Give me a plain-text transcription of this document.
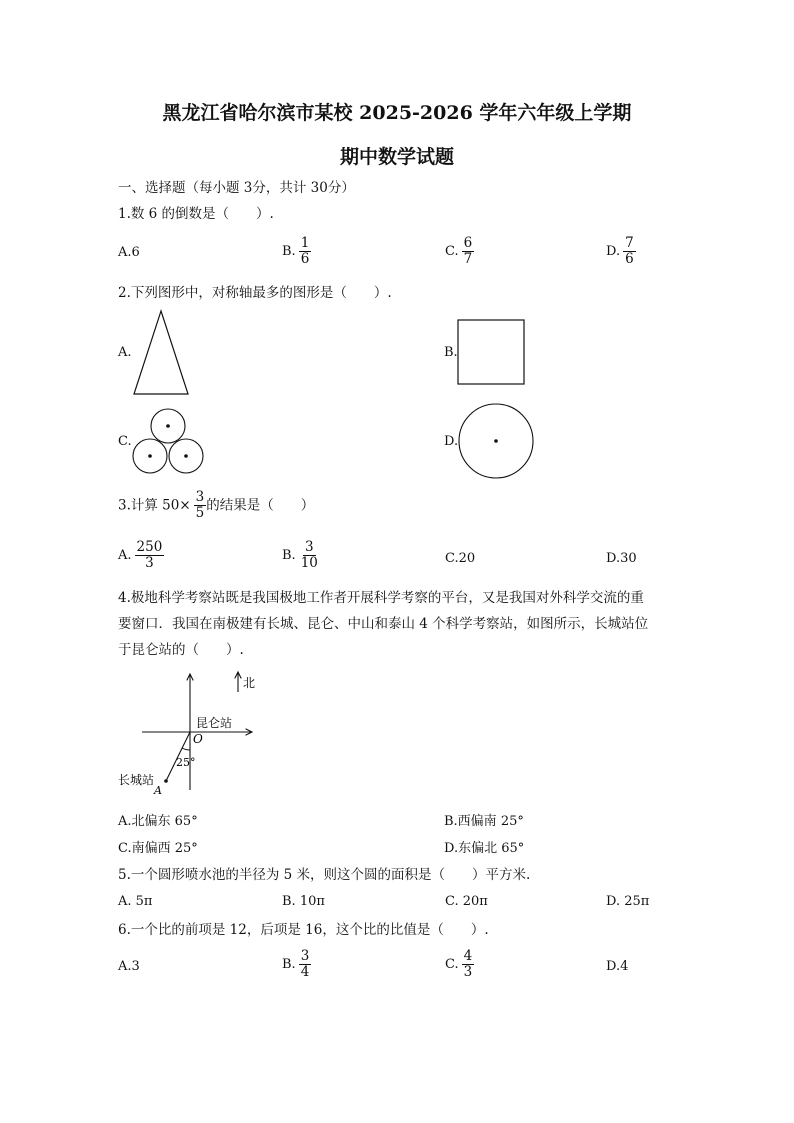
黑龙江省哈尔滨市某校 2025-2026 学年六年级上学期
期中数学试题
一、选择题（每小题 3分，共计 30分）
1.数 6 的倒数是（　　）.
A.6	B. $\frac{1}{6}$	C. $\frac{6}{7}$	D. $\frac{7}{6}$
2.下列图形中，对称轴最多的图形是（　　）.
A.	B.
C.	D.
3.计算 $50\times \frac{3}{5}$ 的结果是（　　）
A. $\frac{250}{3}$	B. $\frac{3}{10}$	C.20	D.30
4.极地科学考察站既是我国极地工作者开展科学考察的平台，又是我国对外科学交流的重
要窗口．我国在南极建有长城、昆仑、中山和泰山 4 个科学考察站，如图所示，长城站位
于昆仑站的（　　）.
北
昆仑站
O
25°
长城站
A
A.北偏东 65°	B.西偏南 25°
C.南偏西 25°	D.东偏北 65°
5.一个圆形喷水池的半径为 5 米，则这个圆的面积是（　　）平方米.
A. 5π	B. 10π	C. 20π	D. 25π
6.一个比的前项是 12，后项是 16，这个比的比值是（　　）.
A.3	B. $\frac{3}{4}$	C. $\frac{4}{3}$	D.4
